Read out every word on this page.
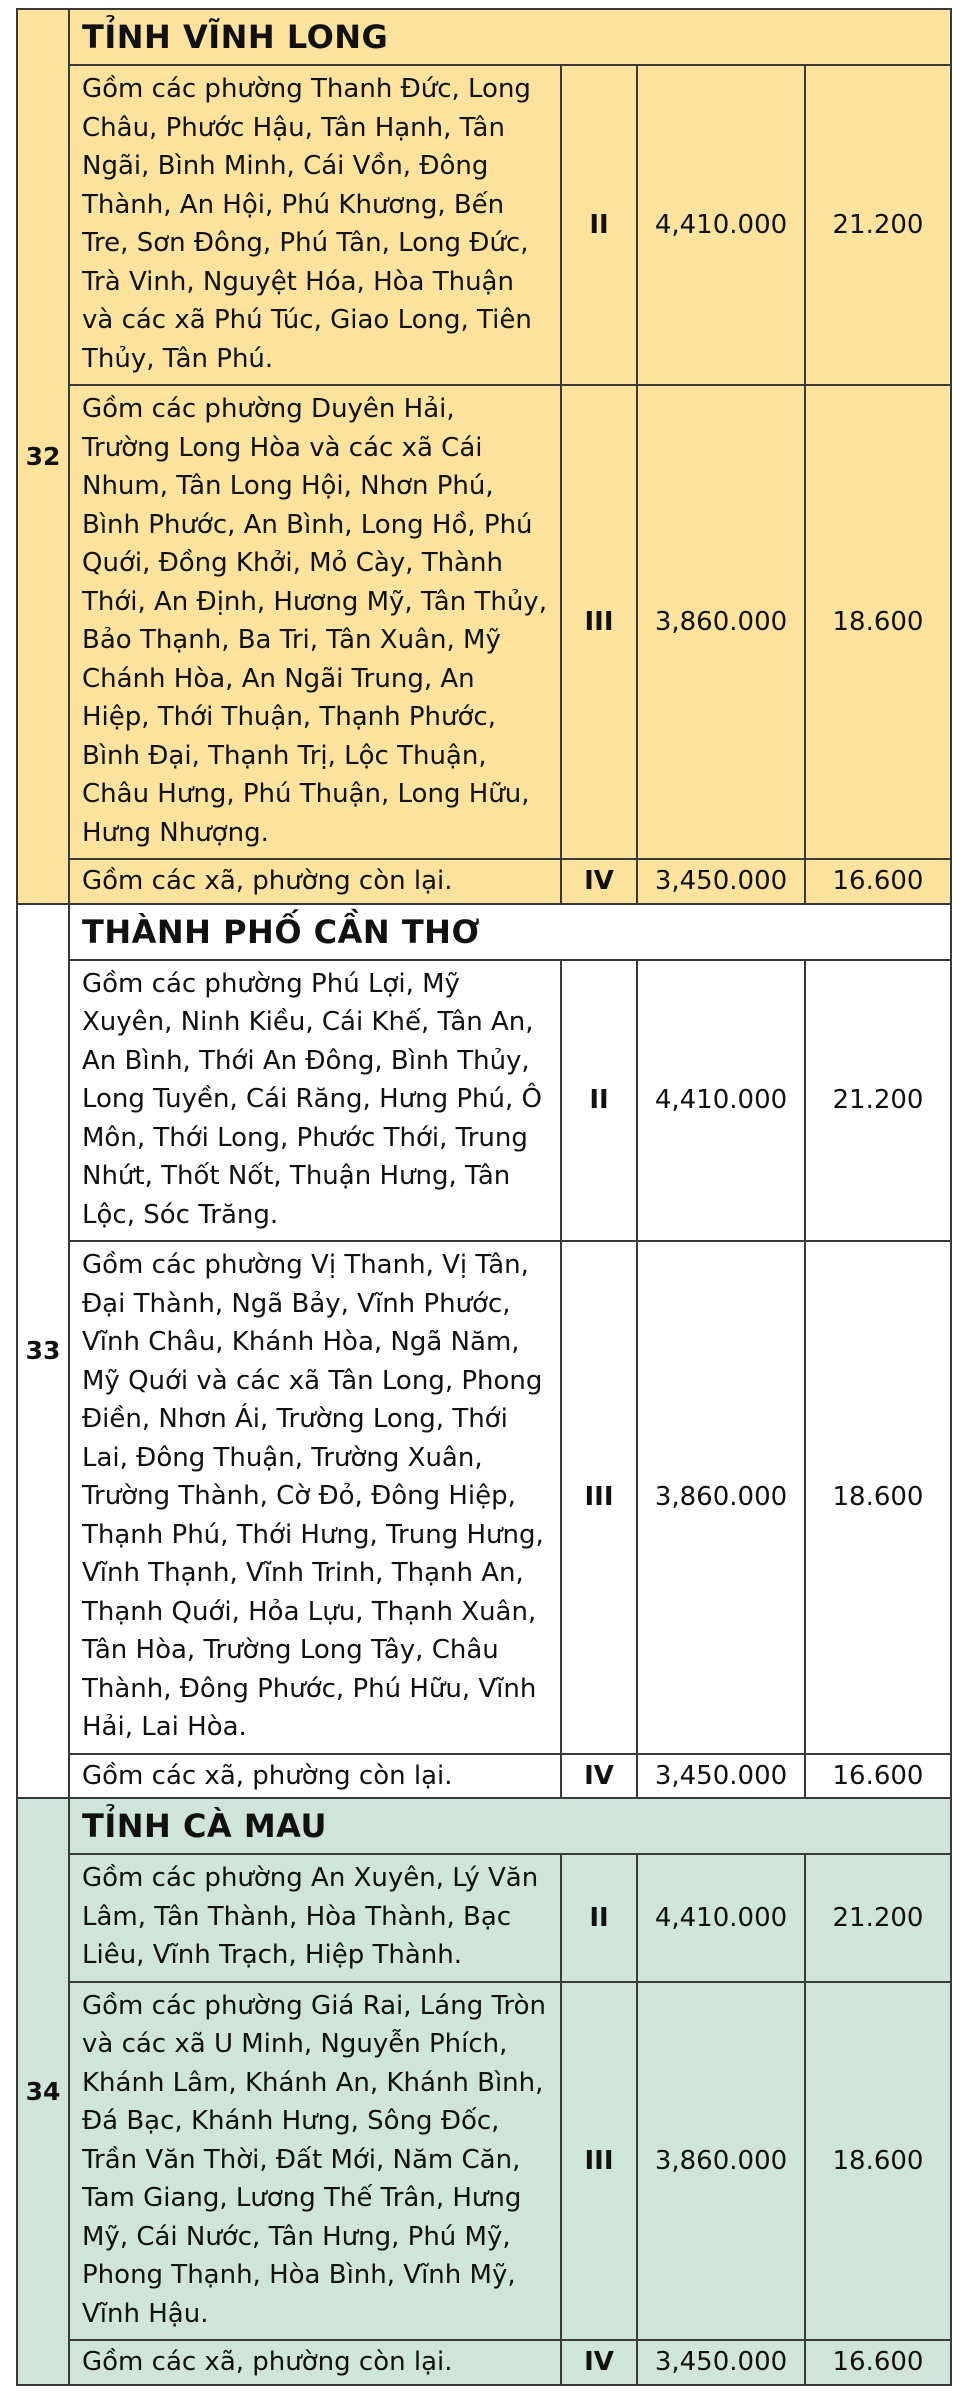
32	TỈNH VĨNH LONG			
	Gồm các phường Thanh Đức, Long Châu, Phước Hậu, Tân Hạnh, Tân Ngãi, Bình Minh, Cái Vồn, Đông Thành, An Hội, Phú Khương, Bến Tre, Sơn Đông, Phú Tân, Long Đức, Trà Vinh, Nguyệt Hóa, Hòa Thuận và các xã Phú Túc, Giao Long, Tiên Thủy, Tân Phú.	II	4,410.000	21.200
	Gồm các phường Duyên Hải, Trường Long Hòa và các xã Cái Nhum, Tân Long Hội, Nhơn Phú, Bình Phước, An Bình, Long Hồ, Phú Quới, Đồng Khởi, Mỏ Cày, Thành Thới, An Định, Hương Mỹ, Tân Thủy, Bảo Thạnh, Ba Tri, Tân Xuân, Mỹ Chánh Hòa, An Ngãi Trung, An Hiệp, Thới Thuận, Thạnh Phước, Bình Đại, Thạnh Trị, Lộc Thuận, Châu Hưng, Phú Thuận, Long Hữu, Hưng Nhượng.	III	3,860.000	18.600
	Gồm các xã, phường còn lại.	IV	3,450.000	16.600
33	THÀNH PHỐ CẦN THƠ			
	Gồm các phường Phú Lợi, Mỹ Xuyên, Ninh Kiều, Cái Khế, Tân An, An Bình, Thới An Đông, Bình Thủy, Long Tuyền, Cái Răng, Hưng Phú, Ô Môn, Thới Long, Phước Thới, Trung Nhứt, Thốt Nốt, Thuận Hưng, Tân Lộc, Sóc Trăng.	II	4,410.000	21.200
	Gồm các phường Vị Thanh, Vị Tân, Đại Thành, Ngã Bảy, Vĩnh Phước, Vĩnh Châu, Khánh Hòa, Ngã Năm, Mỹ Quới và các xã Tân Long, Phong Điền, Nhơn Ái, Trường Long, Thới Lai, Đông Thuận, Trường Xuân, Trường Thành, Cờ Đỏ, Đông Hiệp, Thạnh Phú, Thới Hưng, Trung Hưng, Vĩnh Thạnh, Vĩnh Trinh, Thạnh An, Thạnh Quới, Hỏa Lựu, Thạnh Xuân, Tân Hòa, Trường Long Tây, Châu Thành, Đông Phước, Phú Hữu, Vĩnh Hải, Lai Hòa.	III	3,860.000	18.600
	Gồm các xã, phường còn lại.	IV	3,450.000	16.600
34	TỈNH CÀ MAU			
	Gồm các phường An Xuyên, Lý Văn Lâm, Tân Thành, Hòa Thành, Bạc Liêu, Vĩnh Trạch, Hiệp Thành.	II	4,410.000	21.200
	Gồm các phường Giá Rai, Láng Tròn và các xã U Minh, Nguyễn Phích, Khánh Lâm, Khánh An, Khánh Bình, Đá Bạc, Khánh Hưng, Sông Đốc, Trần Văn Thời, Đất Mới, Năm Căn, Tam Giang, Lương Thế Trân, Hưng Mỹ, Cái Nước, Tân Hưng, Phú Mỹ, Phong Thạnh, Hòa Bình, Vĩnh Mỹ, Vĩnh Hậu.	III	3,860.000	18.600
	Gồm các xã, phường còn lại.	IV	3,450.000	16.600
